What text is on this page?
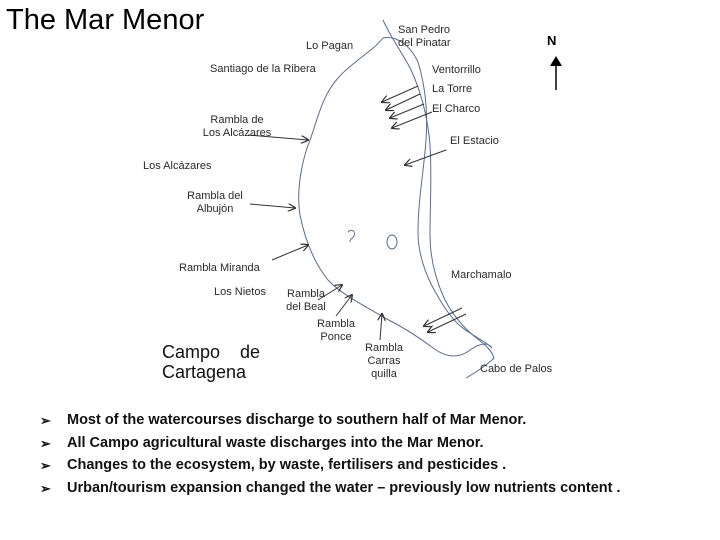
The Mar Menor
N
Lo Pagan
San Pedro
del Pinatar
Santiago de la Ribera	Ventorrillo
La Torre
El Charco
Rambla de
Los Alcázares
El Estacio
Los Alcázares
Rambla del
Albujón
Rambla Miranda
Marchamalo
Los Nietos	Rambla
del Beal
Rambla
Ponce
Rambla
Carras
quilla	Cabo de Palos
Campo    de
Cartagena
➢	Most of the watercourses discharge to southern half of Mar Menor.
➢	All Campo agricultural waste discharges into the Mar Menor.
➢	Changes to the ecosystem, by waste, fertilisers and pesticides .
➢	Urban/tourism expansion changed the water – previously low nutrients content .
